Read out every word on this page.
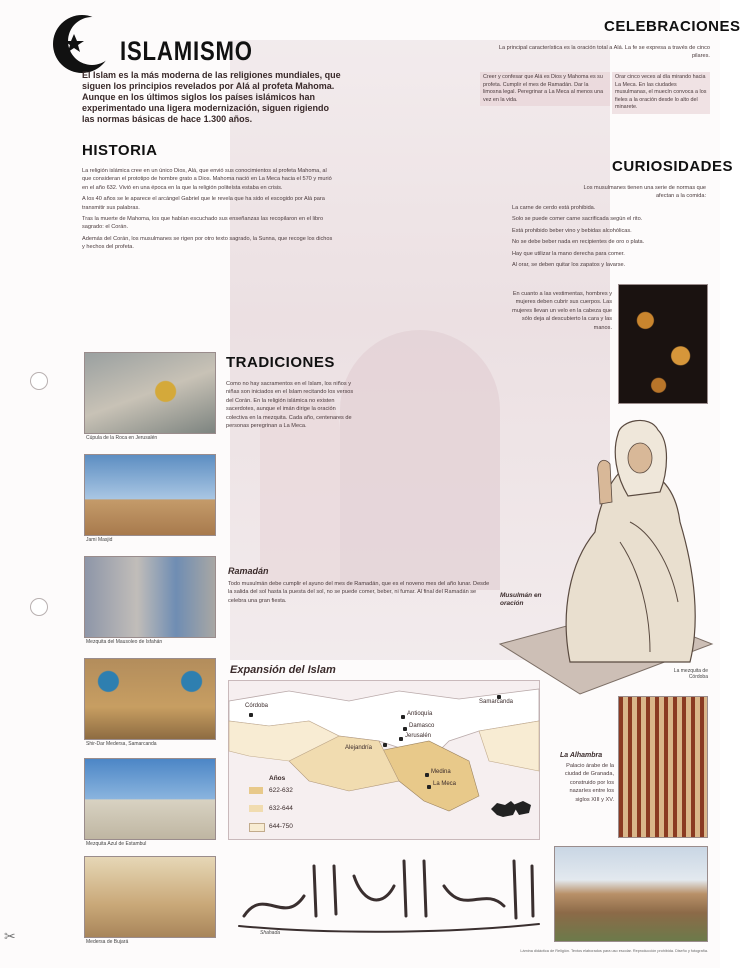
✂
ISLAMISMO
El Islam es la más moderna de las religiones mundiales, que siguen los principios revelados por Alá al profeta Mahoma. Aunque en los últimos siglos los países islámicos han experimentado una ligera modernización, siguen rigiendo las normas básicas de hace 1.300 años.
HISTORIA

La religión islámica cree en un único Dios, Alá, que envió sus conocimientos al profeta Mahoma, al que consideran el prototipo de hombre grato a Dios. Mahoma nació en La Meca hacia el 570 y murió en el año 632. Vivió en una época en la que la religión politeísta estaba en crisis.

A los 40 años se le aparece el arcángel Gabriel que le revela que ha sido el escogido por Alá para transmitir sus palabras.

Tras la muerte de Mahoma, los que habían escuchado sus enseñanzas las recopilaron en el libro sagrado: el Corán.

Además del Corán, los musulmanes se rigen por otro texto sagrado, la Sunna, que recoge los dichos y hechos del profeta.

CELEBRACIONES
La principal característica es la oración total a Alá. La fe se expresa a través de cinco pilares.
Creer y confesar que Alá es Dios y Mahoma es su profeta. Cumplir el mes de Ramadán. Dar la limosna legal. Peregrinar a La Meca al menos una vez en la vida.
Orar cinco veces al día mirando hacia La Meca. En las ciudades musulmanas, el muecín convoca a los fieles a la oración desde lo alto del minarete.
CURIOSIDADES
Los musulmanes tienen una serie de normas que afectan a la comida:

La carne de cerdo está prohibida.

Solo se puede comer carne sacrificada según el rito.

Está prohibido beber vino y bebidas alcohólicas.

No se debe beber nada en recipientes de oro o plata.

Hay que utilizar la mano derecha para comer.

Al orar, se deben quitar los zapatos y lavarse.

En cuanto a las vestimentas, hombres y mujeres deben cubrir sus cuerpos. Las mujeres llevan un velo en la cabeza que sólo deja al descubierto la cara y las manos.
TRADICIONES
Como no hay sacramentos en el Islam, los niños y niñas son iniciados en el Islam recitando los versos del Corán. En la religión islámica no existen sacerdotes, aunque el imán dirige la oración colectiva en la mezquita. Cada año, centenares de personas peregrinan a La Meca.
Cúpula de la Roca en Jerusalén
Jami Masjid
Mezquita del Mausoleo de Isfahán
Shir-Dar Medersa, Samarcanda
Mezquita Azul de Estambul
Medersa de Bujará
Musulmán en oración
Ramadán
Todo musulmán debe cumplir el ayuno del mes de Ramadán, que es el noveno mes del año lunar. Desde la salida del sol hasta la puesta del sol, no se puede comer, beber, ni fumar. Al final del Ramadán se celebra una gran fiesta.
Expansión del Islam
Córdoba
Antioquía
Damasco
Jerusalén
Alejandría
Medina
La Meca
Samarcanda
Años
622-632
632-644
644-750
La mezquita de Córdoba
La Alhambra
Palacio árabe de la ciudad de Granada, construido por los nazaríes entre los siglos XIII y XV.
Shahada
Lámina didáctica de Religión. Textos elaborados para uso escolar. Reproducción prohibida. Diseño y fotografía.
